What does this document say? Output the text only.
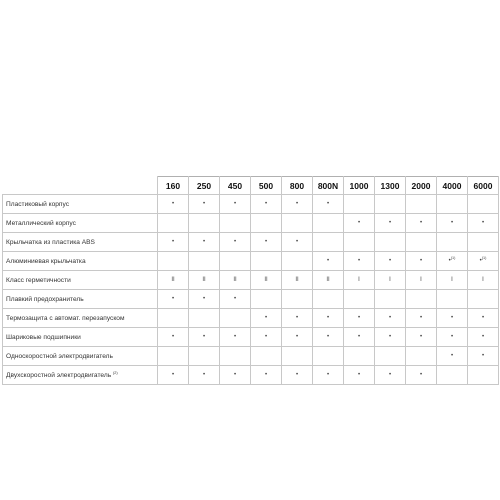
	160	250	450	500	800	800N	1000	1300	2000	4000	6000
Пластиковый корпус	•	•	•	•	•	•					
Металлический корпус							•	•	•	•	•
Крыльчатка из пластика ABS	•	•	•	•	•						
Алюминиевая крыльчатка						•	•	•	•	•$^{(1)}$	•$^{(1)}$
Класс герметичности	II	II	II	II	II	II	I	I	I	I	I
Плавкий предохранитель	•	•	•								
Термозащита с автомат. перезапуском				•	•	•	•	•	•	•	•
Шариковые подшипники	•	•	•	•	•	•	•	•	•	•	•
Односкоростной электродвигатель										•	•
Двухскоростной электродвигатель $^{(2)}$	•	•	•	•	•	•	•	•	•		
